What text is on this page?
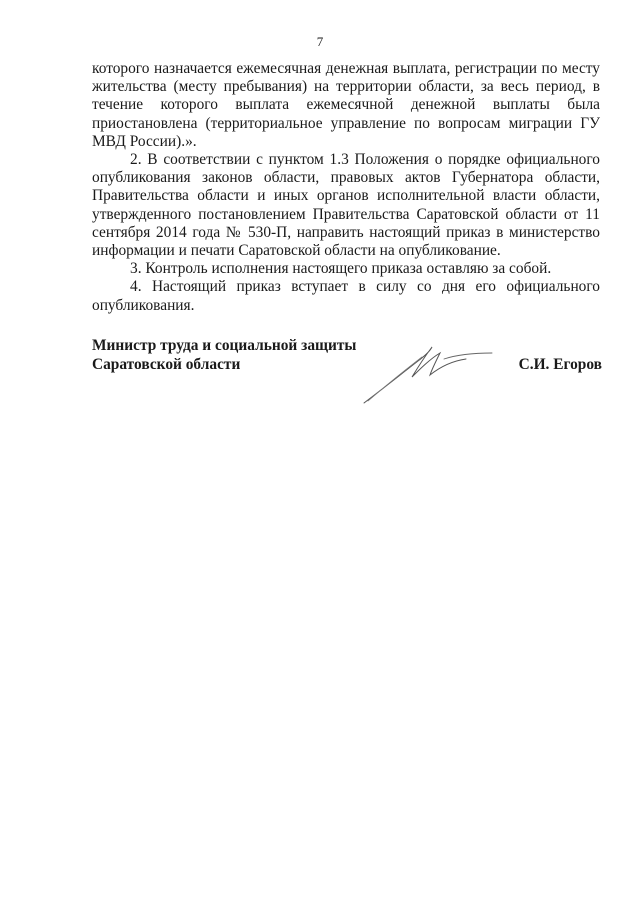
7

которого назначается ежемесячная денежная выплата, регистрации по месту жительства (месту пребывания) на территории области, за весь период, в течение которого выплата ежемесячной денежной выплаты была приостановлена (территориальное управление по вопросам миграции ГУ МВД России).».

2. В соответствии с пунктом 1.3 Положения о порядке официального опубликования законов области, правовых актов Губернатора области, Правительства области и иных органов исполнительной власти области, утвержденного постановлением Правительства Саратовской области от 11 сентября 2014 года № 530-П, направить настоящий приказ в министерство информации и печати Саратовской области на опубликование.

3. Контроль исполнения настоящего приказа оставляю за собой.

4. Настоящий приказ вступает в силу со дня его официального опубликования.

Министр труда и социальной защиты
Саратовской области	С.И. Егоров
